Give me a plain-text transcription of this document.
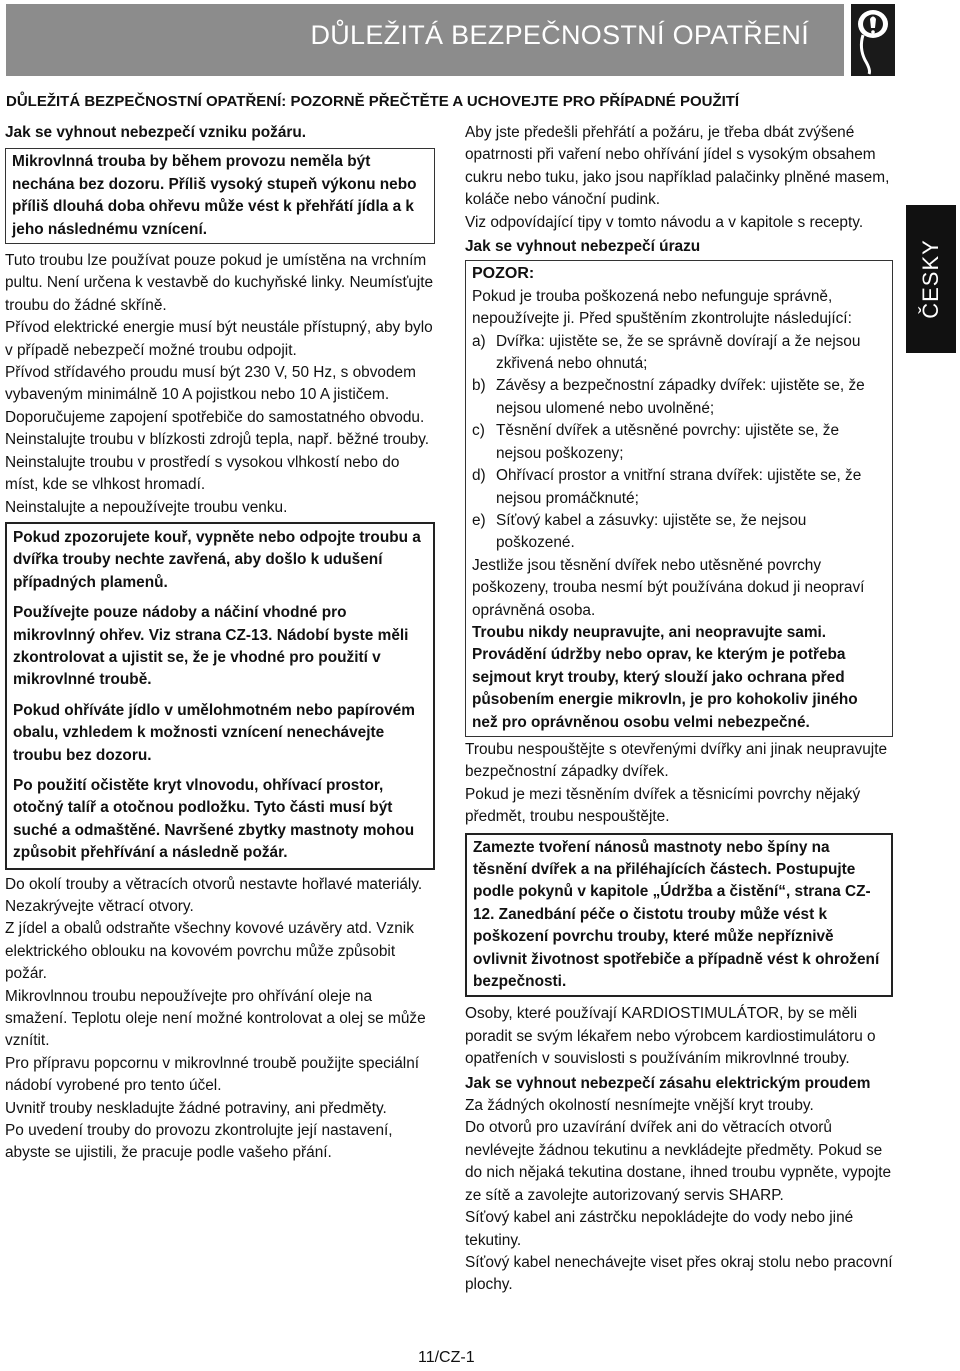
DŮLEŽITÁ BEZPEČNOSTNÍ OPATŘENÍ
DŮLEŽITÁ BEZPEČNOSTNÍ OPATŘENÍ: POZORNĚ PŘEČTĚTE A UCHOVEJTE PRO PŘÍPADNÉ POUŽITÍ

Jak se vyhnout nebezpečí vzniku požáru.

Mikrovlnná trouba by během provozu neměla být nechána bez dozoru. Příliš vysoký stupeň výkonu nebo příliš dlouhá doba ohřevu může vést k přehřátí jídla a k jeho následnému vznícení.

Tuto troubu lze používat pouze pokud je umístěna na vrchním pultu. Není určena k vestavbě do kuchyňské linky. Neumísťujte troubu do žádné skříně.

Přívod elektrické energie musí být neustále přístupný, aby bylo v případě nebezpečí možné troubu odpojit.

Přívod střídavého proudu musí být 230 V, 50 Hz, s obvodem vybaveným minimálně 10 A pojistkou nebo 10 A jističem.

Doporučujeme zapojení spotřebiče do samostatného obvodu.

Neinstalujte troubu v blízkosti zdrojů tepla, např. běžné trouby.

Neinstalujte troubu v prostředí s vysokou vlhkostí nebo do míst, kde se vlhkost hromadí.

Neinstalujte a nepoužívejte troubu venku.

Pokud zpozorujete kouř, vypněte nebo odpojte troubu a dvířka trouby nechte zavřená, aby došlo k udušení případných plamenů.

Používejte pouze nádoby a náčiní vhodné pro mikrovlnný ohřev. Viz strana CZ-13. Nádobí byste měli zkontrolovat a ujistit se, že je vhodné pro použití v mikrovlnné troubě.

Pokud ohříváte jídlo v umělohmotném nebo papírovém obalu, vzhledem k možnosti vznícení nenechávejte troubu bez dozoru.

Po použití očistěte kryt vlnovodu, ohřívací prostor, otočný talíř a otočnou podložku. Tyto části musí být suché a odmaštěné. Navršené zbytky mastnoty mohou způsobit přehřívání a následně požár.

Do okolí trouby a větracích otvorů nestavte hořlavé materiály. Nezakrývejte větrací otvory.

Z jídel a obalů odstraňte všechny kovové uzávěry atd. Vznik elektrického oblouku na kovovém povrchu může způsobit požár.

Mikrovlnnou troubu nepoužívejte pro ohřívání oleje na smažení. Teplotu oleje není možné kontrolovat a olej se může vznítit.

Pro přípravu popcornu v mikrovlnné troubě použijte speciální nádobí vyrobené pro tento účel.

Uvnitř trouby neskladujte žádné potraviny, ani předměty.

Po uvedení trouby do provozu zkontrolujte její nastavení, abyste se ujistili, že pracuje podle vašeho přání.

Aby jste předešli přehřátí a požáru, je třeba dbát zvýšené opatrnosti při vaření nebo ohřívání jídel s vysokým obsahem cukru nebo tuku, jako jsou například palačinky plněné masem, koláče nebo vánoční pudink.

Viz odpovídající tipy v tomto návodu a v kapitole s recepty.

Jak se vyhnout nebezpečí úrazu

POZOR:

Pokud je trouba poškozená nebo nefunguje správně, nepoužívejte ji. Před spuštěním zkontrolujte následující:

a) Dvířka: ujistěte se, že se správně dovírají a že nejsou zkřivená nebo ohnutá;
b) Závěsy a bezpečnostní západky dvířek: ujistěte se, že nejsou ulomené nebo uvolněné;
c) Těsnění dvířek a utěsněné povrchy: ujistěte se, že nejsou poškozeny;
d) Ohřívací prostor a vnitřní strana dvířek: ujistěte se, že nejsou promáčknuté;
e) Síťový kabel a zásuvky: ujistěte se, že nejsou poškozené.

Jestliže jsou těsnění dvířek nebo utěsněné povrchy poškozeny, trouba nesmí být používána dokud ji neopraví oprávněná osoba.

Troubu nikdy neupravujte, ani neopravujte sami.

Provádění údržby nebo oprav, ke kterým je potřeba sejmout kryt trouby, který slouží jako ochrana před působením energie mikrovln, je pro kohokoliv jiného než pro oprávněnou osobu velmi nebezpečné.

Troubu nespouštějte s otevřenými dvířky ani jinak neupravujte bezpečnostní západky dvířek.

Pokud je mezi těsněním dvířek a těsnicími povrchy nějaký předmět, troubu nespouštějte.

Zamezte tvoření nánosů mastnoty nebo špíny na těsnění dvířek a na přiléhajících částech. Postupujte podle pokynů v kapitole „Údržba a čistění“, strana CZ-12. Zanedbání péče o čistotu trouby může vést k poškození povrchu trouby, které může nepříznivě ovlivnit životnost spotřebiče a případně vést k ohrožení bezpečnosti.

Osoby, které používají KARDIOSTIMULÁTOR, by se měli poradit se svým lékařem nebo výrobcem kardiostimulátoru o opatřeních v souvislosti s používáním mikrovlnné trouby.

Jak se vyhnout nebezpečí zásahu elektrickým proudem

Za žádných okolností nesnímejte vnější kryt trouby.

Do otvorů pro uzavírání dvířek ani do větracích otvorů nevlévejte žádnou tekutinu a nevkládejte předměty. Pokud se do nich nějaká tekutina dostane, ihned troubu vypněte, vypojte ze sítě a zavolejte autorizovaný servis SHARP.

Síťový kabel ani zástrčku nepokládejte do vody nebo jiné tekutiny.

Síťový kabel nenechávejte viset přes okraj stolu nebo pracovní plochy.

ČESKY
11/CZ-1
